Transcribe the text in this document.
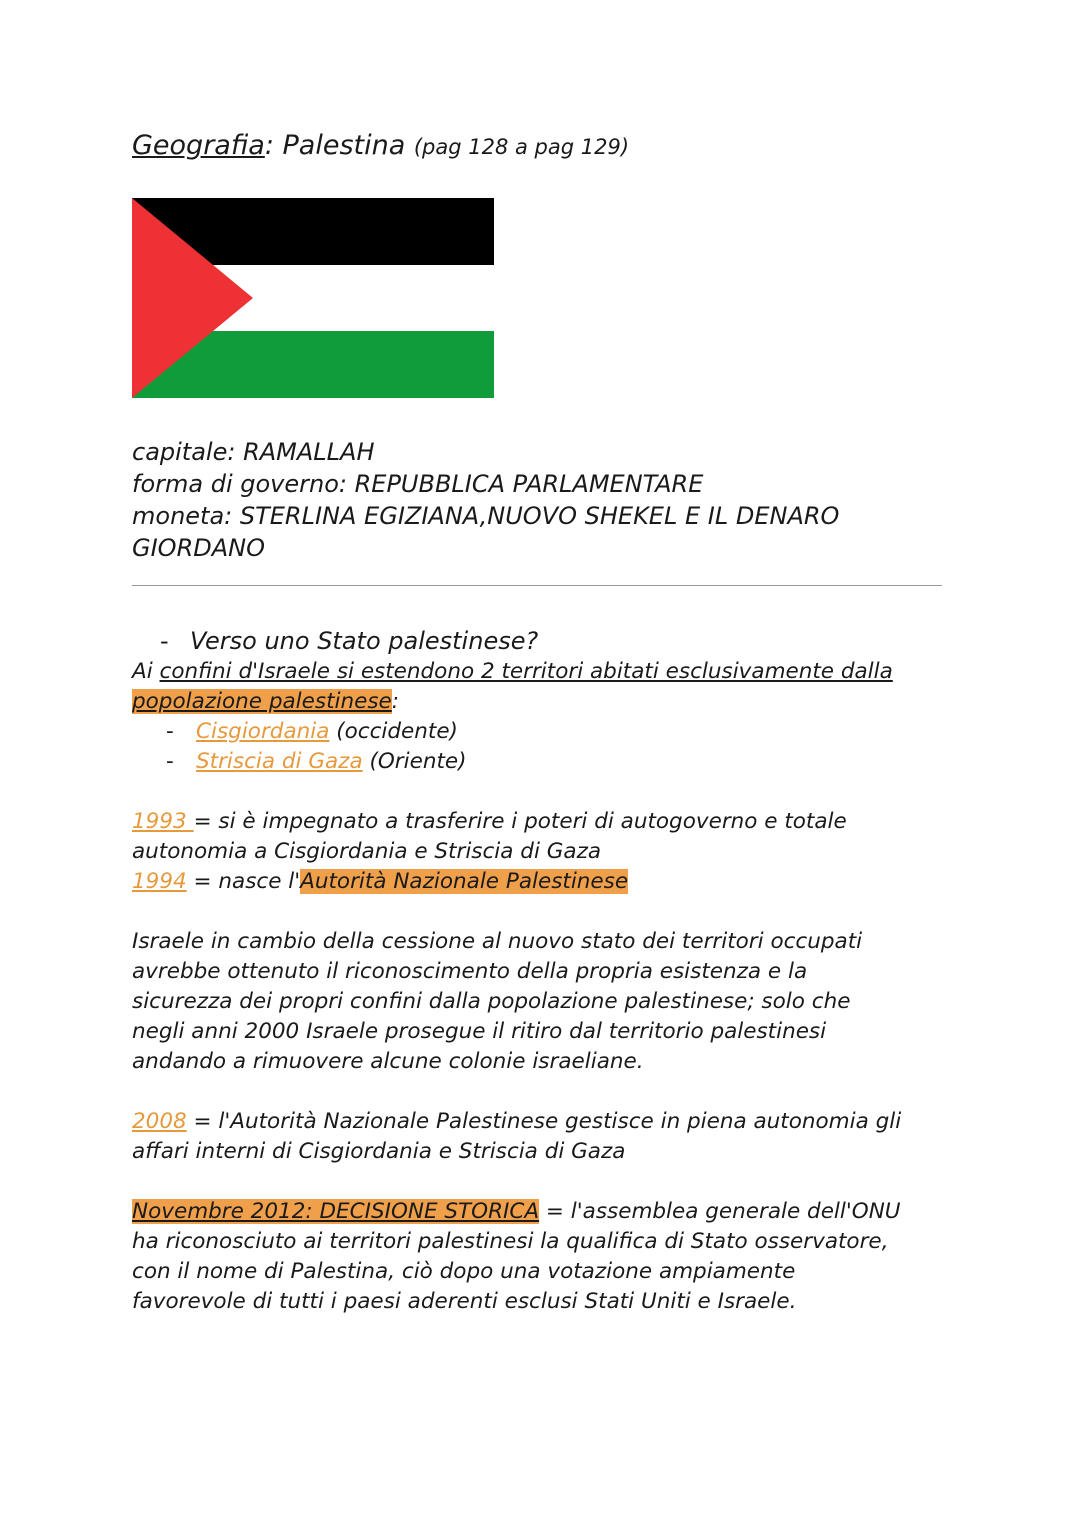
Geografia: Palestina (pag 128 a pag 129)
capitale: RAMALLAH
forma di governo: REPUBBLICA PARLAMENTARE
moneta: STERLINA EGIZIANA,NUOVO SHEKEL E IL DENARO
GIORDANO
- Verso uno Stato palestinese?
Ai confini d'Israele si estendono 2 territori abitati esclusivamente dalla
popolazione palestinese:
- Cisgiordania (occidente)
- Striscia di Gaza (Oriente)
1993 = si è impegnato a trasferire i poteri di autogoverno e totale
autonomia a Cisgiordania e Striscia di Gaza
1994 = nasce l'Autorità Nazionale Palestinese
Israele in cambio della cessione al nuovo stato dei territori occupati
avrebbe ottenuto il riconoscimento della propria esistenza e la
sicurezza dei propri confini dalla popolazione palestinese; solo che
negli anni 2000 Israele prosegue il ritiro dal territorio palestinesi
andando a rimuovere alcune colonie israeliane.
2008 = l'Autorità Nazionale Palestinese gestisce in piena autonomia gli
affari interni di Cisgiordania e Striscia di Gaza
Novembre 2012: DECISIONE STORICA = l'assemblea generale dell'ONU
ha riconosciuto ai territori palestinesi la qualifica di Stato osservatore,
con il nome di Palestina, ciò dopo una votazione ampiamente
favorevole di tutti i paesi aderenti esclusi Stati Uniti e Israele.
